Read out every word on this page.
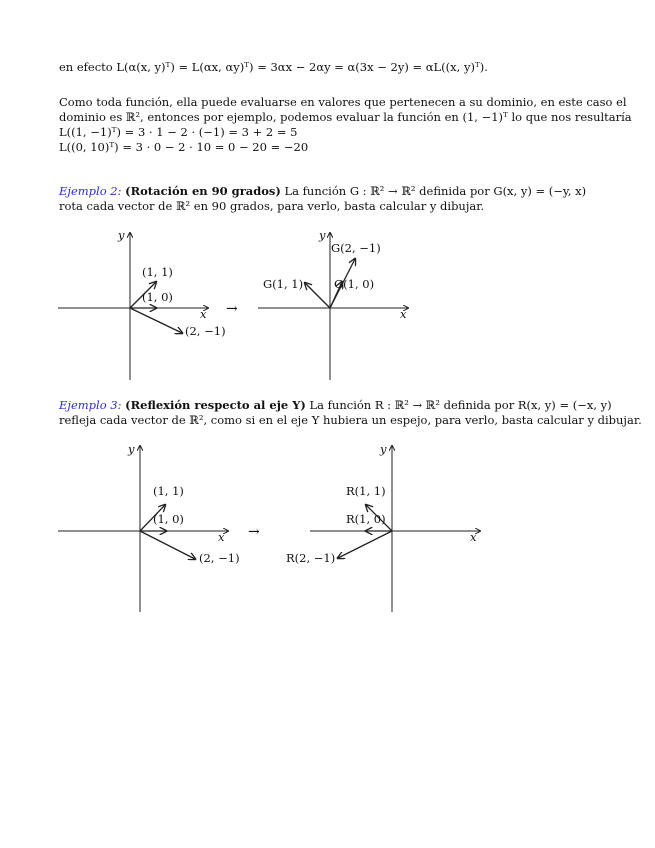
en efecto L(α(x, y)ᵀ) = L(αx, αy)ᵀ) = 3αx − 2αy = α(3x − 2y) = αL((x, y)ᵀ).
Como toda función, ella puede evaluarse en valores que pertenecen a su dominio, en este caso el
dominio es ℝ², entonces por ejemplo, podemos evaluar la función en (1, −1)ᵀ lo que nos resultaría
L((1, −1)ᵀ) = 3 · 1 − 2 · (−1) = 3 + 2 = 5
L((0, 10)ᵀ) = 3 · 0 − 2 · 10 = 0 − 20 = −20
Ejemplo 2: (Rotación en 90 grados) La función G : ℝ² → ℝ² definida por G(x, y) = (−y, x)
rota cada vector de ℝ² en 90 grados, para verlo, basta calcular y dibujar.
x
y
(1, 1)
(1, 0)
(2, −1)
→	x
y
G(1, 1)	G(1, 0)
G(2, −1)
Ejemplo 3: (Reflexión respecto al eje Y) La función R : ℝ² → ℝ² definida por R(x, y) = (−x, y)
refleja cada vector de ℝ², como si en el eje Y hubiera un espejo, para verlo, basta calcular y dibujar.
x
y
(1, 1)
(1, 0)
(2, −1)
→	x
y
R(1, 1)
R(1, 0)
R(2, −1)
